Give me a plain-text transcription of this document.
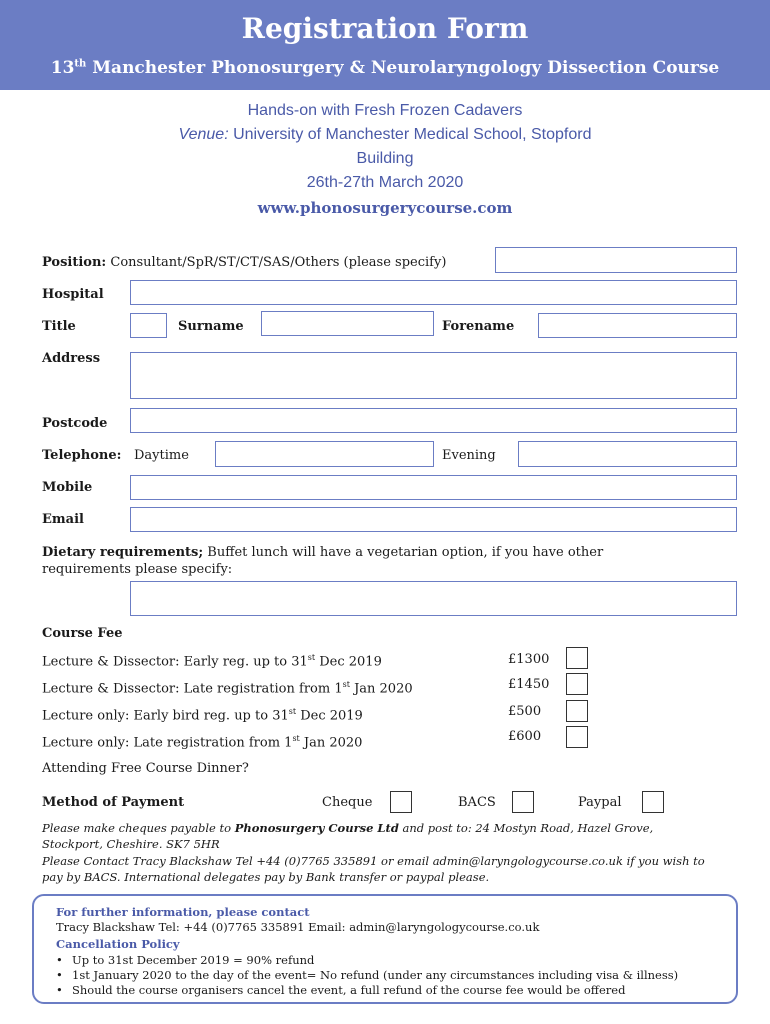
Registration Form
13th Manchester Phonosurgery & Neurolaryngology Dissection Course
Hands-on with Fresh Frozen Cadavers
Venue: University of Manchester Medical School, Stopford
Building
26th-27th March 2020
www.phonosurgerycourse.com
Position: Consultant/SpR/ST/CT/SAS/Others (please specify)
Hospital
Title	Surname	Forename
Address
Postcode
Telephone: Daytime	Evening
Mobile
Email
Dietary requirements; Buffet lunch will have a vegetarian option, if you have other
requirements please specify:
Course Fee
Lecture & Dissector: Early reg. up to 31st Dec 2019	£1300
Lecture & Dissector: Late registration from 1st Jan 2020	£1450
Lecture only: Early bird reg. up to 31st Dec 2019	£500
Lecture only: Late registration from 1st Jan 2020	£600
Attending Free Course Dinner?
Method of Payment	Cheque	BACS	Paypal
Please make cheques payable to Phonosurgery Course Ltd and post to: 24 Mostyn Road, Hazel Grove,
Stockport, Cheshire. SK7 5HR
Please Contact Tracy Blackshaw Tel +44 (0)7765 335891 or email admin@laryngologycourse.co.uk if you wish to
pay by BACS. International delegates pay by Bank transfer or paypal please.
For further information, please contact
Tracy Blackshaw Tel: +44 (0)7765 335891 Email: admin@laryngologycourse.co.uk
Cancellation Policy
• Up to 31st December 2019 = 90% refund
• 1st January 2020 to the day of the event= No refund (under any circumstances including visa & illness)
• Should the course organisers cancel the event, a full refund of the course fee would be offered
